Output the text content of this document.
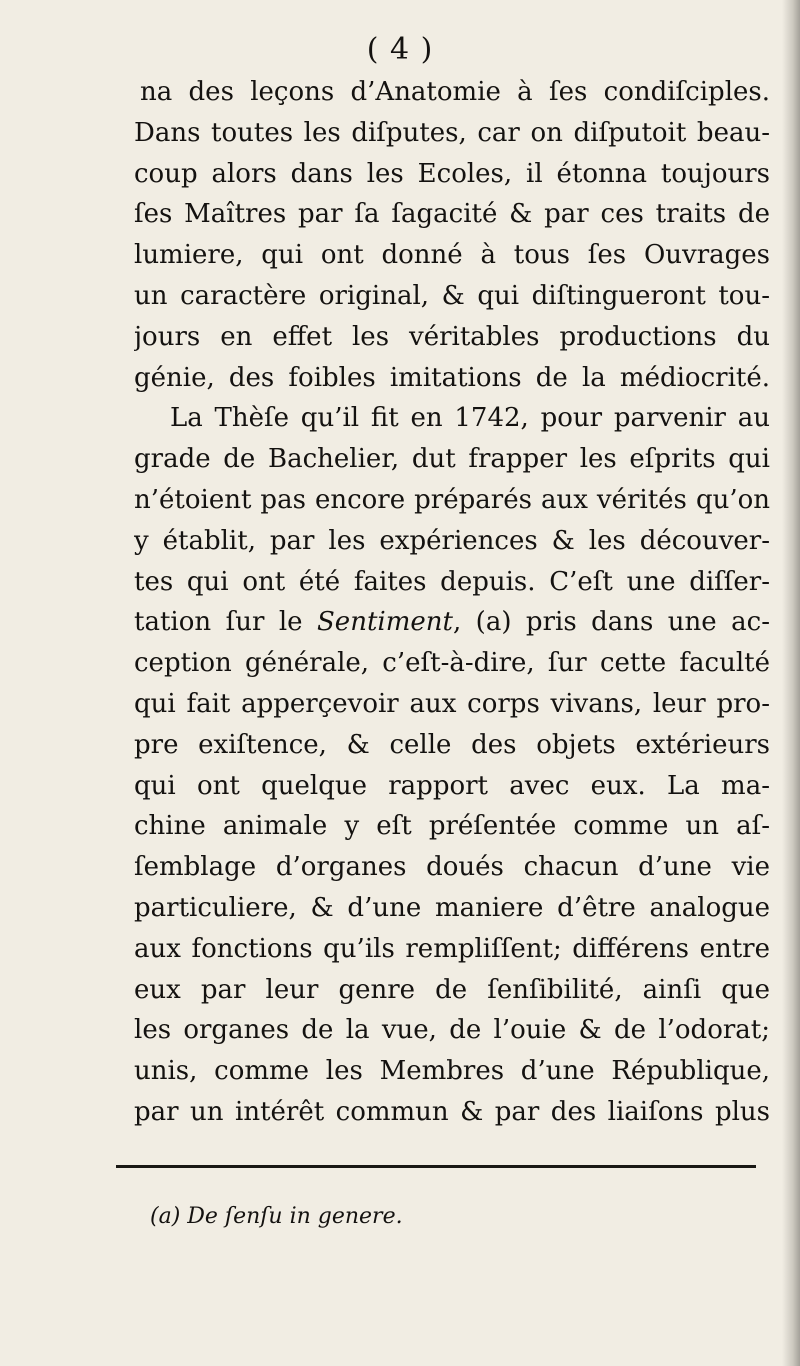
( 4 )
na des leçons d’Anatomie à ſes condiſciples.
Dans toutes les diſputes, car on diſputoit beau-
coup alors dans les Ecoles, il étonna toujours
ſes Maîtres par ſa ſagacité & par ces traits de
lumiere, qui ont donné à tous ſes Ouvrages
un caractère original, & qui diſtingueront tou-
jours en effet les véritables productions du
génie, des foibles imitations de la médiocrité.
La Thèſe qu’il fit en 1742, pour parvenir au
grade de Bachelier, dut frapper les eſprits qui
n’étoient pas encore préparés aux vérités qu’on
y établit, par les expériences & les découver-
tes qui ont été faites depuis. C’eſt une diſſer-
tation ſur le Sentiment, (a) pris dans une ac-
ception générale, c’eſt-à-dire, ſur cette faculté
qui fait apperçevoir aux corps vivans, leur pro-
pre exiſtence, & celle des objets extérieurs
qui ont quelque rapport avec eux. La ma-
chine animale y eſt préſentée comme un aſ-
ſemblage d’organes doués chacun d’une vie
particuliere, & d’une maniere d’être analogue
aux fonctions qu’ils rempliſſent; différens entre
eux par leur genre de ſenſibilité, ainſi que
les organes de la vue, de l’ouie & de l’odorat;
unis, comme les Membres d’une République,
par un intérêt commun & par des liaiſons plus
(a) De ſenſu in genere.
